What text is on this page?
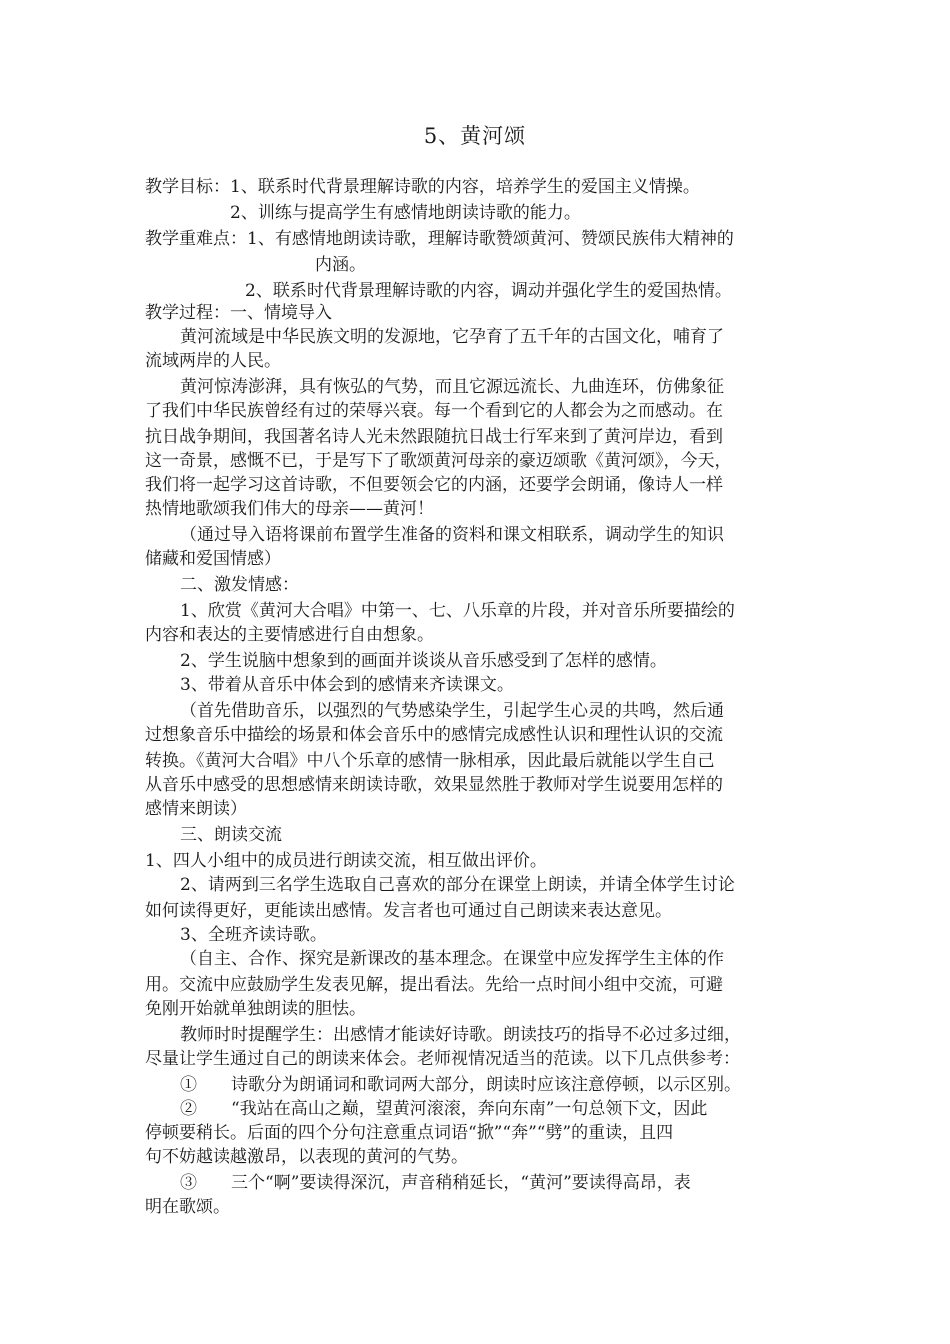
5、黄河颂
教学目标：1、联系时代背景理解诗歌的内容，培养学生的爱国主义情操。
2、训练与提高学生有感情地朗读诗歌的能力。
教学重难点：1、有感情地朗读诗歌，理解诗歌赞颂黄河、赞颂民族伟大精神的
内涵。
2、联系时代背景理解诗歌的内容，调动并强化学生的爱国热情。
教学过程：一、情境导入
黄河流域是中华民族文明的发源地，它孕育了五千年的古国文化，哺育了
流域两岸的人民。
黄河惊涛澎湃，具有恢弘的气势，而且它源远流长、九曲连环，仿佛象征
了我们中华民族曾经有过的荣辱兴衰。每一个看到它的人都会为之而感动。在
抗日战争期间，我国著名诗人光未然跟随抗日战士行军来到了黄河岸边，看到
这一奇景，感慨不已，于是写下了歌颂黄河母亲的豪迈颂歌《黄河颂》，今天，
我们将一起学习这首诗歌，不但要领会它的内涵，还要学会朗诵，像诗人一样
热情地歌颂我们伟大的母亲——黄河！
（通过导入语将课前布置学生准备的资料和课文相联系，调动学生的知识
储藏和爱国情感）
二、激发情感：
1、欣赏《黄河大合唱》中第一、七、八乐章的片段，并对音乐所要描绘的
内容和表达的主要情感进行自由想象。
2、学生说脑中想象到的画面并谈谈从音乐感受到了怎样的感情。
3、带着从音乐中体会到的感情来齐读课文。
（首先借助音乐，以强烈的气势感染学生，引起学生心灵的共鸣，然后通
过想象音乐中描绘的场景和体会音乐中的感情完成感性认识和理性认识的交流
转换。《黄河大合唱》中八个乐章的感情一脉相承，因此最后就能以学生自己
从音乐中感受的思想感情来朗读诗歌，效果显然胜于教师对学生说要用怎样的
感情来朗读）
三、朗读交流
1、四人小组中的成员进行朗读交流，相互做出评价。
2、请两到三名学生选取自己喜欢的部分在课堂上朗读，并请全体学生讨论
如何读得更好，更能读出感情。发言者也可通过自己朗读来表达意见。
3、全班齐读诗歌。
（自主、合作、探究是新课改的基本理念。在课堂中应发挥学生主体的作
用。交流中应鼓励学生发表见解，提出看法。先给一点时间小组中交流，可避
免刚开始就单独朗读的胆怯。
教师时时提醒学生：出感情才能读好诗歌。朗读技巧的指导不必过多过细，
尽量让学生通过自己的朗读来体会。老师视情况适当的范读。以下几点供参考：
①　　诗歌分为朗诵词和歌词两大部分，朗读时应该注意停顿，以示区别。
②　　“我站在高山之巅，望黄河滚滚，奔向东南”一句总领下文，因此
停顿要稍长。后面的四个分句注意重点词语“掀”“奔”“劈”的重读，且四
句不妨越读越激昂，以表现的黄河的气势。
③　　三个“啊”要读得深沉，声音稍稍延长，“黄河”要读得高昂，表
明在歌颂。
